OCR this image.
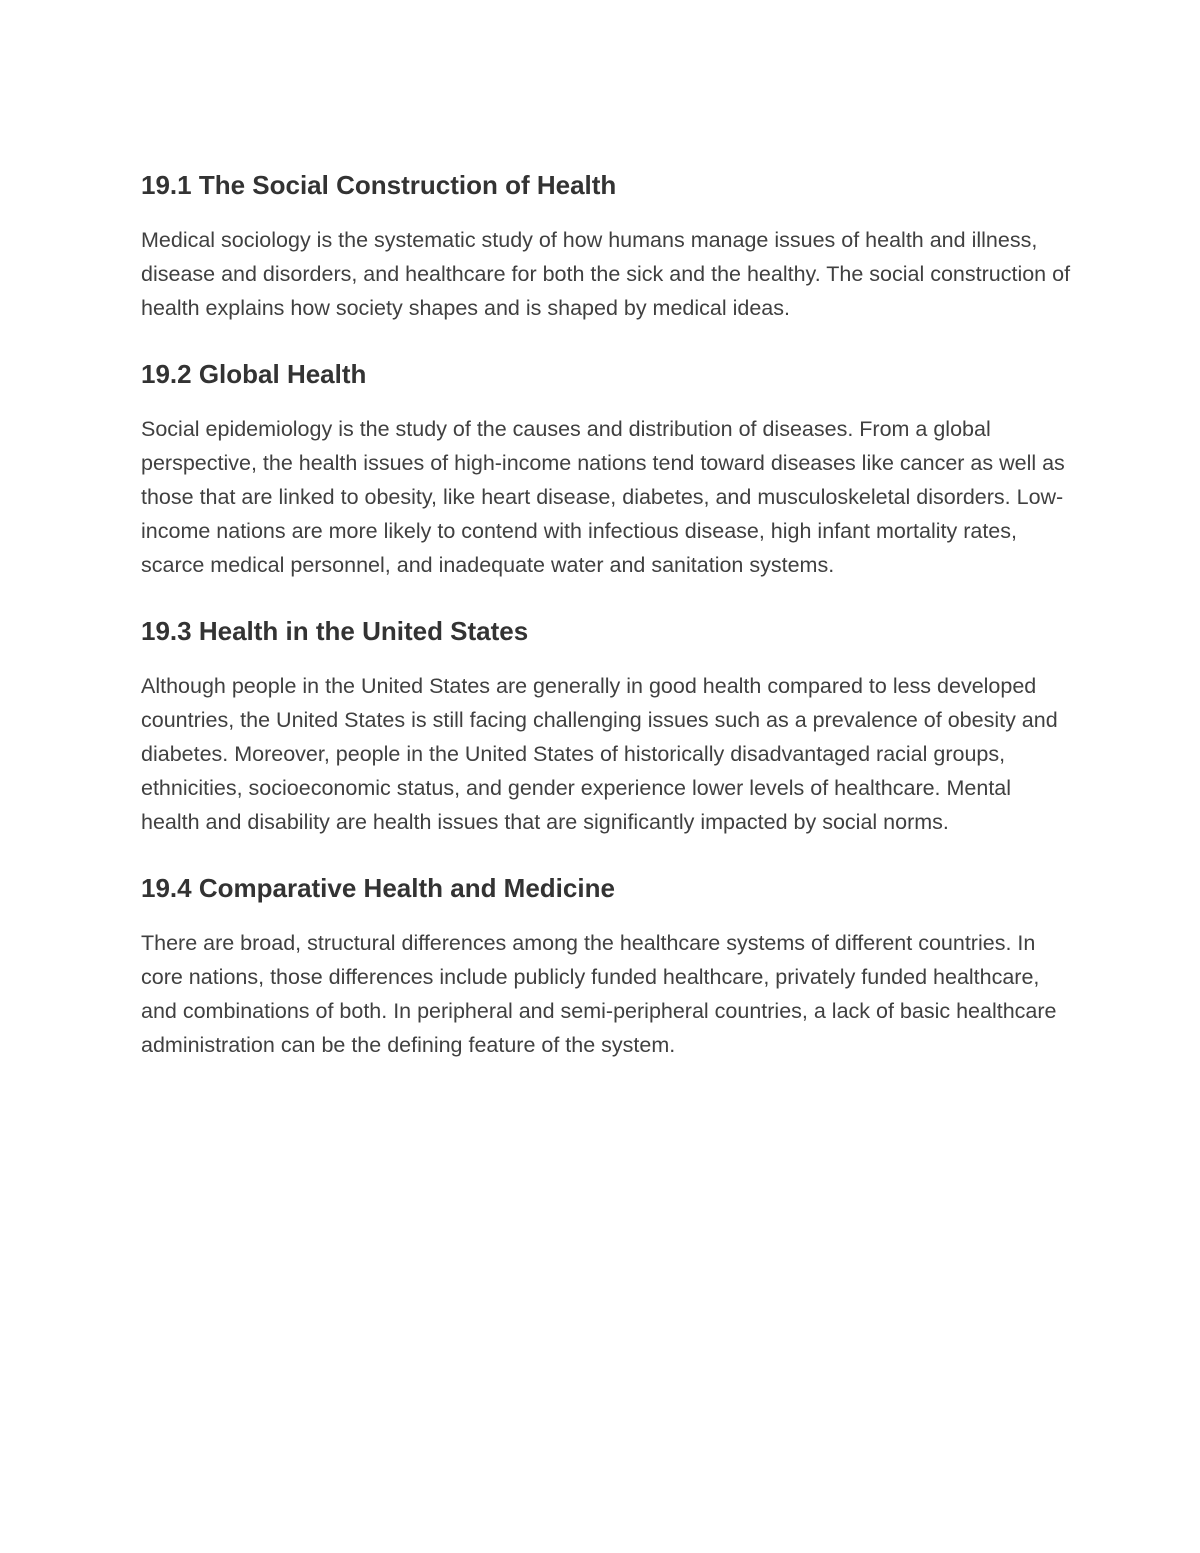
19.1 The Social Construction of Health

Medical sociology is the systematic study of how humans manage issues of health and illness, disease and disorders, and healthcare for both the sick and the healthy. The social construction of health explains how society shapes and is shaped by medical ideas.

19.2 Global Health

Social epidemiology is the study of the causes and distribution of diseases. From a global perspective, the health issues of high-income nations tend toward diseases like cancer as well as those that are linked to obesity, like heart disease, diabetes, and musculoskeletal disorders. Low-income nations are more likely to contend with infectious disease, high infant mortality rates, scarce medical personnel, and inadequate water and sanitation systems.

19.3 Health in the United States

Although people in the United States are generally in good health compared to less developed countries, the United States is still facing challenging issues such as a prevalence of obesity and diabetes. Moreover, people in the United States of historically disadvantaged racial groups, ethnicities, socioeconomic status, and gender experience lower levels of healthcare. Mental health and disability are health issues that are significantly impacted by social norms.

19.4 Comparative Health and Medicine

There are broad, structural differences among the healthcare systems of different countries. In core nations, those differences include publicly funded healthcare, privately funded healthcare, and combinations of both. In peripheral and semi-peripheral countries, a lack of basic healthcare administration can be the defining feature of the system.
